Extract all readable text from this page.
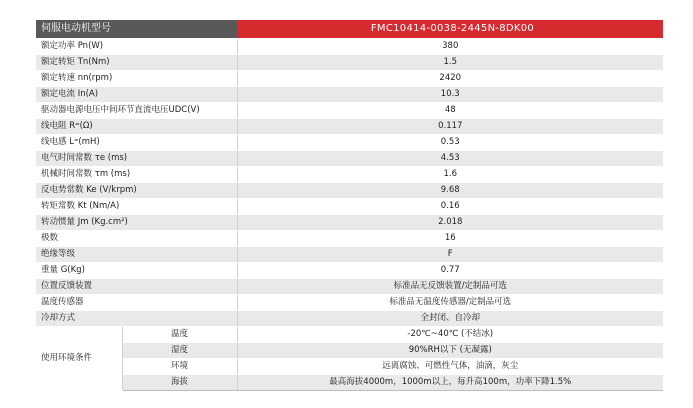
伺服电动机型号		FMC10414-0038-2445N-8DK00
额定功率 Pn(W)		380
额定转矩 Tn(Nm)		1.5
额定转速 nn(rpm)		2420
额定电流 In(A)		10.3
驱动器电源电压中间环节直流电压UDC(V)		48
线电阻 R⁼(Ω)		0.117
线电感 L⁼(mH)		0.53
电气时间常数 τe (ms)		4.53
机械时间常数 τm (ms)		1.6
反电势常数 Ke (V/krpm)		9.68
转矩常数 Kt (Nm/A)		0.16
转动惯量 Jm (Kg.cm²)		2.018
极数		16
绝缘等级		F
重量 G(Kg)		0.77
位置反馈装置		标准品无反馈装置/定制品可选
温度传感器		标准品无温度传感器/定制品可选
冷却方式		全封闭、自冷却
使用环境条件	温度	-20℃~40℃ (不结冰)
	湿度	90%RH以下 (无凝露)
	环境	远离腐蚀、可燃性气体，油滴，灰尘
	海拔	最高海拔4000m，1000m以上，每升高100m，功率下降1.5%
